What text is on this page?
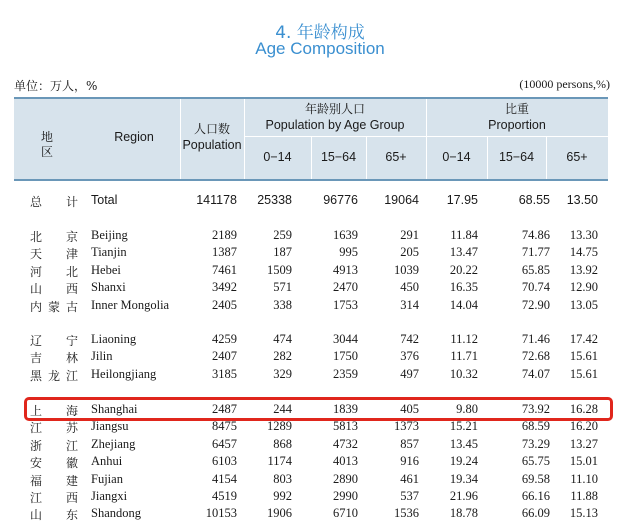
4. 年龄构成
Age Composition
单位：万人，%	(10000 persons,%)
地 区
Region
人口数
Population
年龄别人口
Population by Age Group
比重
Proportion
0−14	15−64	65+	0−14	15−64	65+
总 计 Total	141178 25338 96776 19064 17.95	68.55 13.50
北 京 Beijing	2189	259	1639	291	11.84	74.86 13.30
天 津 Tianjin	1387	187	995	205 13.47	71.77 14.75
河 北 Hebei	7461 1509	4913	1039 20.22	65.85 13.92
山 西 Shanxi	3492	571	2470	450 16.35	70.74 12.90
内 蒙 古 Inner Mongolia	2405	338	1753	314 14.04	72.90 13.05
辽 宁 Liaoning	4259	474	3044	742	11.12	71.46 17.42
吉 林 Jilin	2407	282	1750	376	11.71	72.68 15.61
黑 龙 江 Heilongjiang	3185	329	2359	497 10.32	74.07 15.61
上 海 Shanghai	2487	244	1839	405	9.80	73.92 16.28
江 苏 Jiangsu	8475 1289	5813	1373 15.21	68.59 16.20
浙 江 Zhejiang	6457	868	4732	857 13.45	73.29 13.27
安 徽 Anhui	6103 1174	4013	916 19.24	65.75 15.01
福 建 Fujian	4154	803	2890	461 19.34	69.58 11.10
江 西 Jiangxi	4519	992	2990	537 21.96	66.16 11.88
山 东 Shandong	10153 1906	6710	1536 18.78	66.09 15.13
